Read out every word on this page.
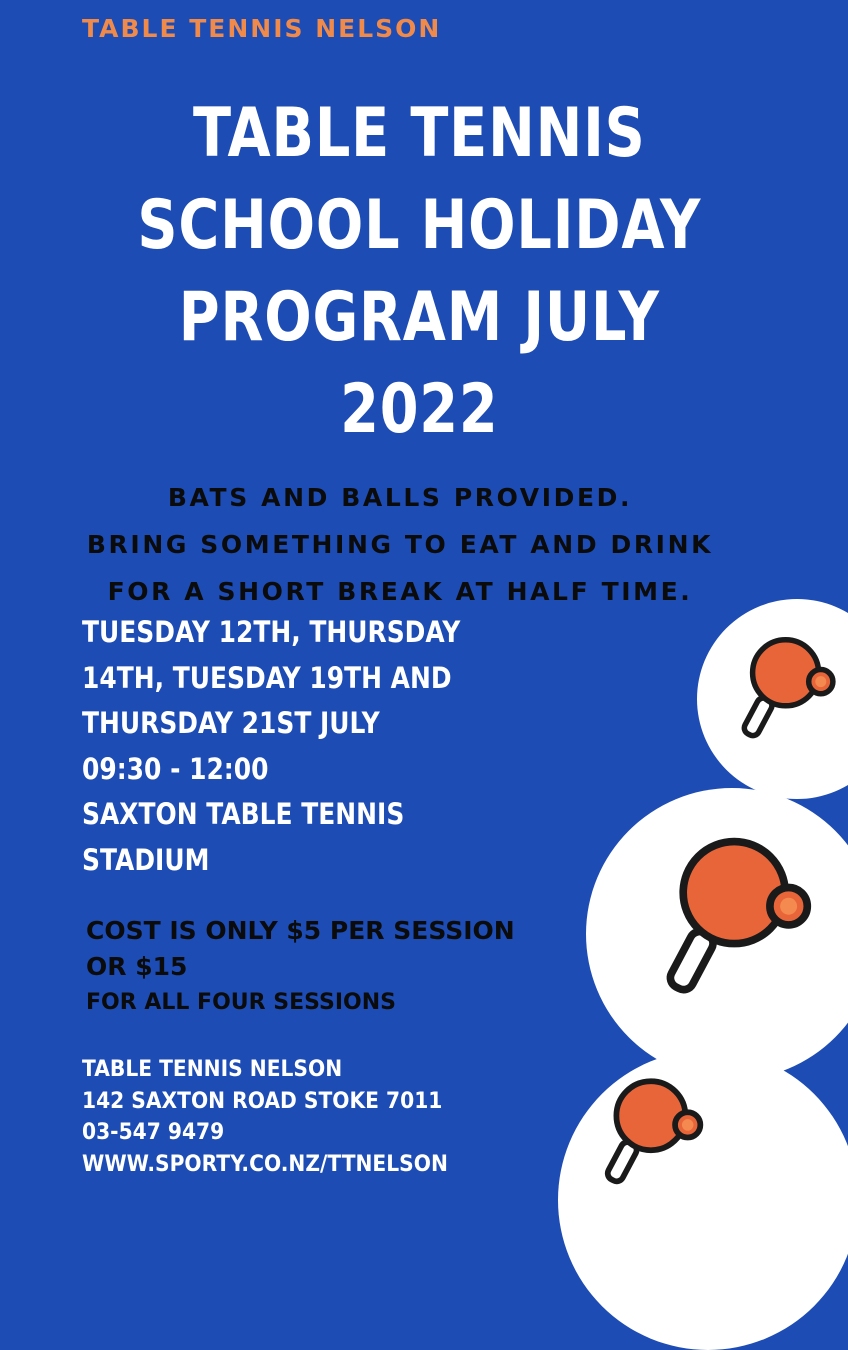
TABLE TENNIS NELSON
TABLE TENNIS
SCHOOL HOLIDAY
PROGRAM JULY
2022
BATS AND BALLS PROVIDED.
BRING SOMETHING TO EAT AND DRINK
FOR A SHORT BREAK AT HALF TIME.
TUESDAY 12TH, THURSDAY
14TH, TUESDAY 19TH AND
THURSDAY 21ST JULY
09:30 - 12:00
SAXTON TABLE TENNIS
STADIUM
COST IS ONLY $5 PER SESSION
OR $15
FOR ALL FOUR SESSIONS
TABLE TENNIS NELSON
142 SAXTON ROAD STOKE 7011
03-547 9479
WWW.SPORTY.CO.NZ/TTNELSON
